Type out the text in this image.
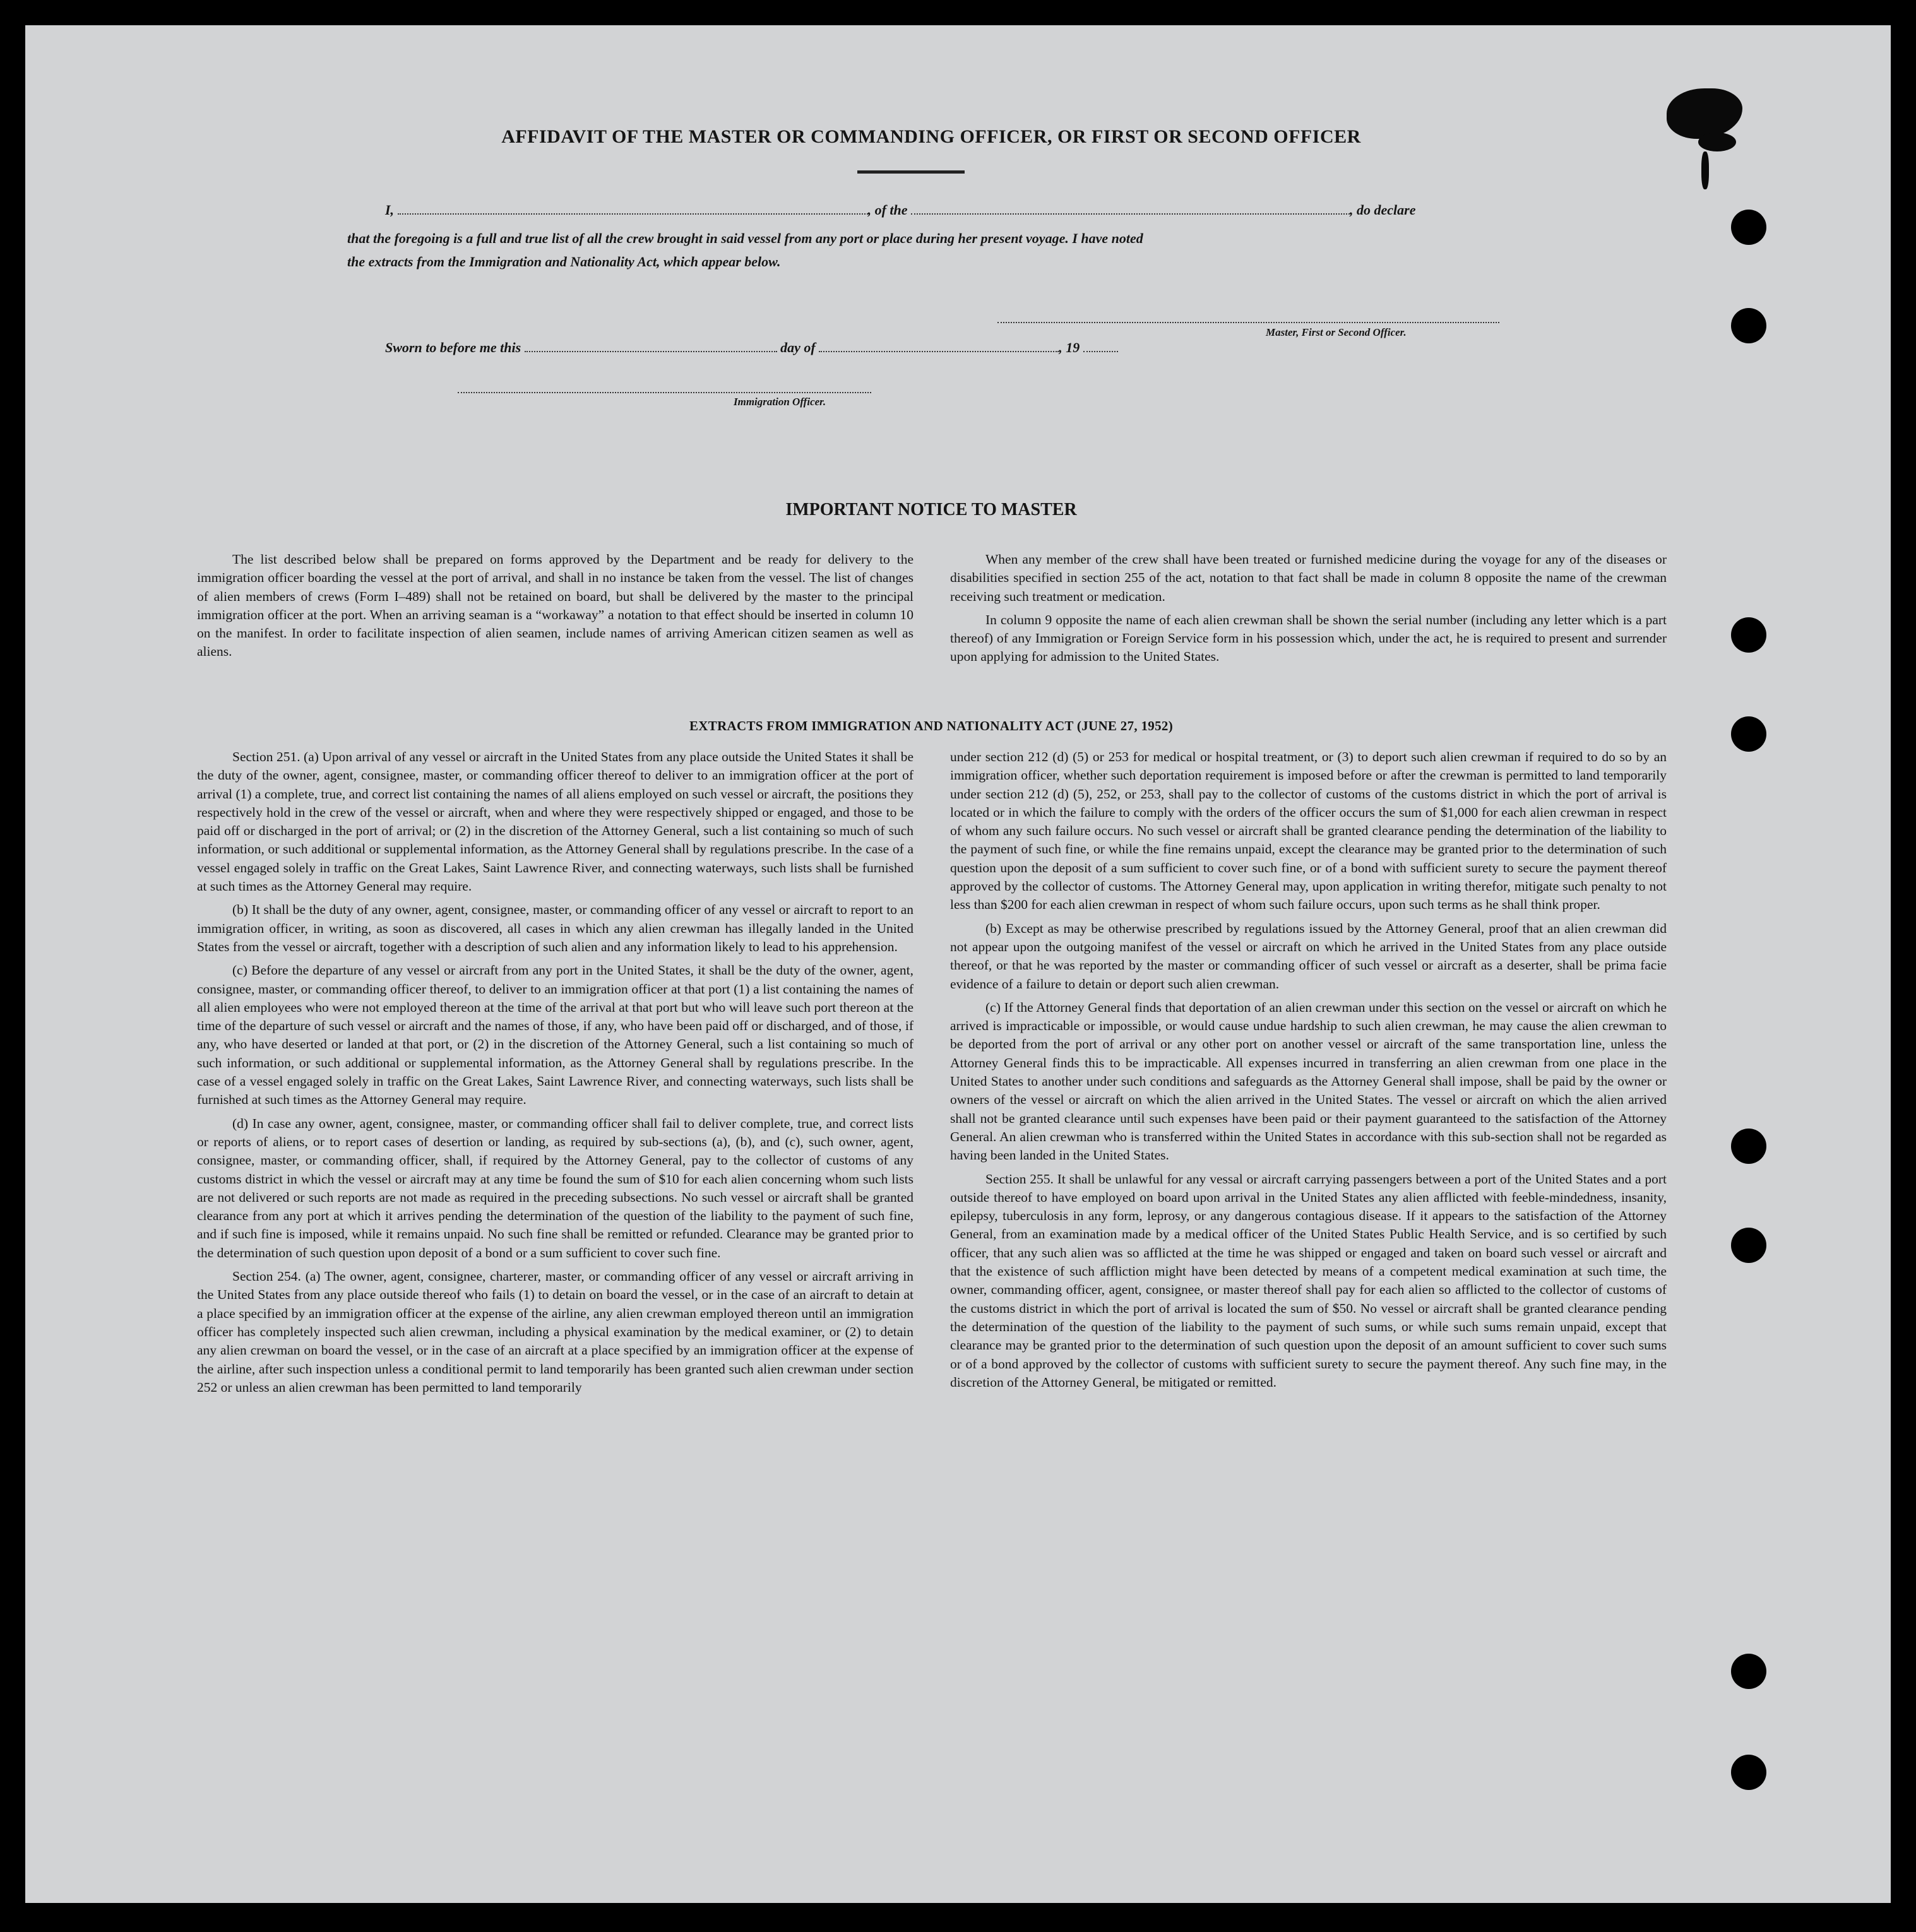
AFFIDAVIT OF THE MASTER OR COMMANDING OFFICER, OR FIRST OR SECOND OFFICER
I,	, of the	, do declare
that the foregoing is a full and true list of all the crew brought in said vessel from any port or place during her present voyage. I have noted
the extracts from the Immigration and Nationality Act, which appear below.
Master, First or Second Officer.
Sworn to before me this	day of	, 19
Immigration Officer.
IMPORTANT NOTICE TO MASTER

The list described below shall be prepared on forms approved by the Department and be ready for delivery to the immigration officer boarding the vessel at the port of arrival, and shall in no instance be taken from the vessel. The list of changes of alien members of crews (Form I–489) shall not be retained on board, but shall be delivered by the master to the principal immigration officer at the port. When an arriving seaman is a “workaway” a notation to that effect should be inserted in column 10 on the manifest. In order to facilitate inspection of alien seamen, include names of arriving American citizen seamen as well as aliens.

When any member of the crew shall have been treated or furnished medicine during the voyage for any of the diseases or disabilities specified in section 255 of the act, notation to that fact shall be made in column 8 opposite the name of the crewman receiving such treatment or medication.

In column 9 opposite the name of each alien crewman shall be shown the serial number (including any letter which is a part thereof) of any Immigration or Foreign Service form in his possession which, under the act, he is required to present and surrender upon applying for admission to the United States.

EXTRACTS FROM IMMIGRATION AND NATIONALITY ACT (JUNE 27, 1952)

Section 251. (a) Upon arrival of any vessel or aircraft in the United States from any place outside the United States it shall be the duty of the owner, agent, consignee, master, or commanding officer thereof to deliver to an immigration officer at the port of arrival (1) a complete, true, and correct list containing the names of all aliens employed on such vessel or aircraft, the positions they respectively hold in the crew of the vessel or aircraft, when and where they were respectively shipped or engaged, and those to be paid off or discharged in the port of arrival; or (2) in the discretion of the Attorney General, such a list containing so much of such information, or such additional or supplemental information, as the Attorney General shall by regulations prescribe. In the case of a vessel engaged solely in traffic on the Great Lakes, Saint Lawrence River, and connecting waterways, such lists shall be furnished at such times as the Attorney General may require.

(b) It shall be the duty of any owner, agent, consignee, master, or commanding officer of any vessel or aircraft to report to an immigration officer, in writing, as soon as discovered, all cases in which any alien crewman has illegally landed in the United States from the vessel or aircraft, together with a description of such alien and any information likely to lead to his apprehension.

(c) Before the departure of any vessel or aircraft from any port in the United States, it shall be the duty of the owner, agent, consignee, master, or commanding officer thereof, to deliver to an immigration officer at that port (1) a list containing the names of all alien employees who were not employed thereon at the time of the arrival at that port but who will leave such port thereon at the time of the departure of such vessel or aircraft and the names of those, if any, who have been paid off or discharged, and of those, if any, who have deserted or landed at that port, or (2) in the discretion of the Attorney General, such a list containing so much of such information, or such additional or supplemental information, as the Attorney General shall by regulations prescribe. In the case of a vessel engaged solely in traffic on the Great Lakes, Saint Lawrence River, and connecting waterways, such lists shall be furnished at such times as the Attorney General may require.

(d) In case any owner, agent, consignee, master, or commanding officer shall fail to deliver complete, true, and correct lists or reports of aliens, or to report cases of desertion or landing, as required by sub-sections (a), (b), and (c), such owner, agent, consignee, master, or commanding officer, shall, if required by the Attorney General, pay to the collector of customs of any customs district in which the vessel or aircraft may at any time be found the sum of $10 for each alien concerning whom such lists are not delivered or such reports are not made as required in the preceding subsections. No such vessel or aircraft shall be granted clearance from any port at which it arrives pending the determination of the question of the liability to the payment of such fine, and if such fine is imposed, while it remains unpaid. No such fine shall be remitted or refunded. Clearance may be granted prior to the determination of such question upon deposit of a bond or a sum sufficient to cover such fine.

Section 254. (a) The owner, agent, consignee, charterer, master, or commanding officer of any vessel or aircraft arriving in the United States from any place outside thereof who fails (1) to detain on board the vessel, or in the case of an aircraft to detain at a place specified by an immigration officer at the expense of the airline, any alien crewman employed thereon until an immigration officer has completely inspected such alien crewman, including a physical examination by the medical examiner, or (2) to detain any alien crewman on board the vessel, or in the case of an aircraft at a place specified by an immigration officer at the expense of the airline, after such inspection unless a conditional permit to land temporarily has been granted such alien crewman under section 252 or unless an alien crewman has been permitted to land temporarily

under section 212 (d) (5) or 253 for medical or hospital treatment, or (3) to deport such alien crewman if required to do so by an immigration officer, whether such deportation requirement is imposed before or after the crewman is permitted to land temporarily under section 212 (d) (5), 252, or 253, shall pay to the collector of customs of the customs district in which the port of arrival is located or in which the failure to comply with the orders of the officer occurs the sum of $1,000 for each alien crewman in respect of whom any such failure occurs. No such vessel or aircraft shall be granted clearance pending the determination of the liability to the payment of such fine, or while the fine remains unpaid, except the clearance may be granted prior to the determination of such question upon the deposit of a sum sufficient to cover such fine, or of a bond with sufficient surety to secure the payment thereof approved by the collector of customs. The Attorney General may, upon application in writing therefor, mitigate such penalty to not less than $200 for each alien crewman in respect of whom such failure occurs, upon such terms as he shall think proper.

(b) Except as may be otherwise prescribed by regulations issued by the Attorney General, proof that an alien crewman did not appear upon the outgoing manifest of the vessel or aircraft on which he arrived in the United States from any place outside thereof, or that he was reported by the master or commanding officer of such vessel or aircraft as a deserter, shall be prima facie evidence of a failure to detain or deport such alien crewman.

(c) If the Attorney General finds that deportation of an alien crewman under this section on the vessel or aircraft on which he arrived is impracticable or impossible, or would cause undue hardship to such alien crewman, he may cause the alien crewman to be deported from the port of arrival or any other port on another vessel or aircraft of the same transportation line, unless the Attorney General finds this to be impracticable. All expenses incurred in transferring an alien crewman from one place in the United States to another under such conditions and safeguards as the Attorney General shall impose, shall be paid by the owner or owners of the vessel or aircraft on which the alien arrived in the United States. The vessel or aircraft on which the alien arrived shall not be granted clearance until such expenses have been paid or their payment guaranteed to the satisfaction of the Attorney General. An alien crewman who is transferred within the United States in accordance with this sub-section shall not be regarded as having been landed in the United States.

Section 255. It shall be unlawful for any vessal or aircraft carrying passengers between a port of the United States and a port outside thereof to have employed on board upon arrival in the United States any alien afflicted with feeble-mindedness, insanity, epilepsy, tuberculosis in any form, leprosy, or any dangerous contagious disease. If it appears to the satisfaction of the Attorney General, from an examination made by a medical officer of the United States Public Health Service, and is so certified by such officer, that any such alien was so afflicted at the time he was shipped or engaged and taken on board such vessel or aircraft and that the existence of such affliction might have been detected by means of a competent medical examination at such time, the owner, commanding officer, agent, consignee, or master thereof shall pay for each alien so afflicted to the collector of customs of the customs district in which the port of arrival is located the sum of $50. No vessel or aircraft shall be granted clearance pending the determination of the question of the liability to the payment of such sums, or while such sums remain unpaid, except that clearance may be granted prior to the determination of such question upon the deposit of an amount sufficient to cover such sums or of a bond approved by the collector of customs with sufficient surety to secure the payment thereof. Any such fine may, in the discretion of the Attorney General, be mitigated or remitted.
